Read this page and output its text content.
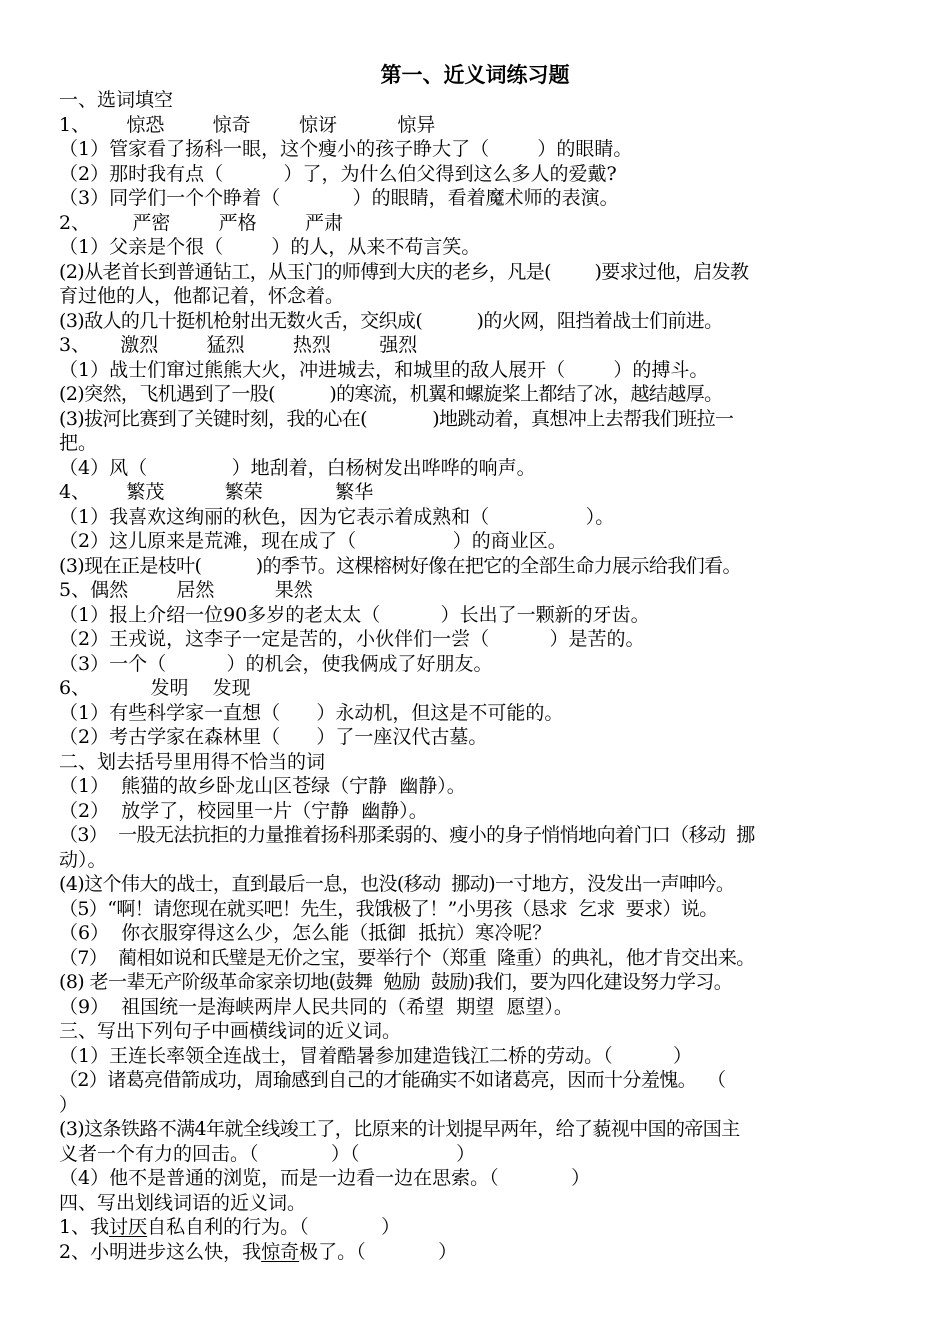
第一、近义词练习题
一、选词填空
1、      惊恐        惊奇        惊讶          惊异
（1）管家看了扬科一眼，这个瘦小的孩子睁大了（        ）的眼睛。
（2）那时我有点（          ）了，为什么伯父得到这么多人的爱戴?
（3）同学们一个个睁着（            ）的眼睛，看着魔术师的表演。
2、       严密        严格        严肃
（1）父亲是个很（        ）的人，从来不苟言笑。
(2)从老首长到普通钻工，从玉门的师傅到大庆的老乡，凡是(        )要求过他，启发教
育过他的人，他都记着，怀念着。
(3)敌人的几十挺机枪射出无数火舌，交织成(          )的火网，阻挡着战士们前进。
3、     激烈        猛烈        热烈        强烈
（1）战士们窜过熊熊大火，冲进城去，和城里的敌人展开（        ）的搏斗。
(2)突然，飞机遇到了一股(          )的寒流，机翼和螺旋桨上都结了冰，越结越厚。
(3)拔河比赛到了关键时刻，我的心在(            )地跳动着，真想冲上去帮我们班拉一
把。
（4）风（              ）地刮着，白杨树发出哗哗的响声。
4、      繁茂          繁荣            繁华
（1）我喜欢这绚丽的秋色，因为它表示着成熟和（                ）。
（2）这儿原来是荒滩，现在成了（                ）的商业区。
(3)现在正是枝叶(          )的季节。这棵榕树好像在把它的全部生命力展示给我们看。
5、偶然        居然          果然
（1）报上介绍一位90多岁的老太太（          ）长出了一颗新的牙齿。
（2）王戎说，这李子一定是苦的，小伙伴们一尝（          ）是苦的。
（3）一个（          ）的机会，使我俩成了好朋友。
6、          发明    发现
（1）有些科学家一直想（      ）永动机，但这是不可能的。
（2）考古学家在森林里（      ）了一座汉代古墓。
二、划去括号里用得不恰当的词
（1）  熊猫的故乡卧龙山区苍绿（宁静  幽静）。
（2）  放学了，校园里一片（宁静  幽静）。
（3）  一股无法抗拒的力量推着扬科那柔弱的、瘦小的身子悄悄地向着门口（移动  挪
动）。
(4)这个伟大的战士，直到最后一息，也没(移动  挪动)一寸地方，没发出一声呻吟。
（5）“啊！请您现在就买吧！先生，我饿极了！”小男孩（恳求  乞求  要求）说。
（6）  你衣服穿得这么少，怎么能（抵御  抵抗）寒冷呢？
（7）  蔺相如说和氏璧是无价之宝，要举行个（郑重  隆重）的典礼，他才肯交出来。
(8) 老一辈无产阶级革命家亲切地(鼓舞  勉励  鼓励)我们，要为四化建设努力学习。
（9）  祖国统一是海峡两岸人民共同的（希望  期望  愿望）。
三、写出下列句子中画横线词的近义词。
（1）王连长率领全连战士，冒着酷暑参加建造钱江二桥的劳动。（          ）
（2）诸葛亮借箭成功，周瑜感到自己的才能确实不如诸葛亮，因而十分羞愧。  （
）
(3)这条铁路不满4年就全线竣工了，比原来的计划提早两年，给了藐视中国的帝国主
义者一个有力的回击。（            ）（                ）
（4）他不是普通的浏览，而是一边看一边在思索。（            ）
四、写出划线词语的近义词。
1、我讨厌自私自利的行为。（            ）
2、小明进步这么快，我惊奇极了。（            ）
